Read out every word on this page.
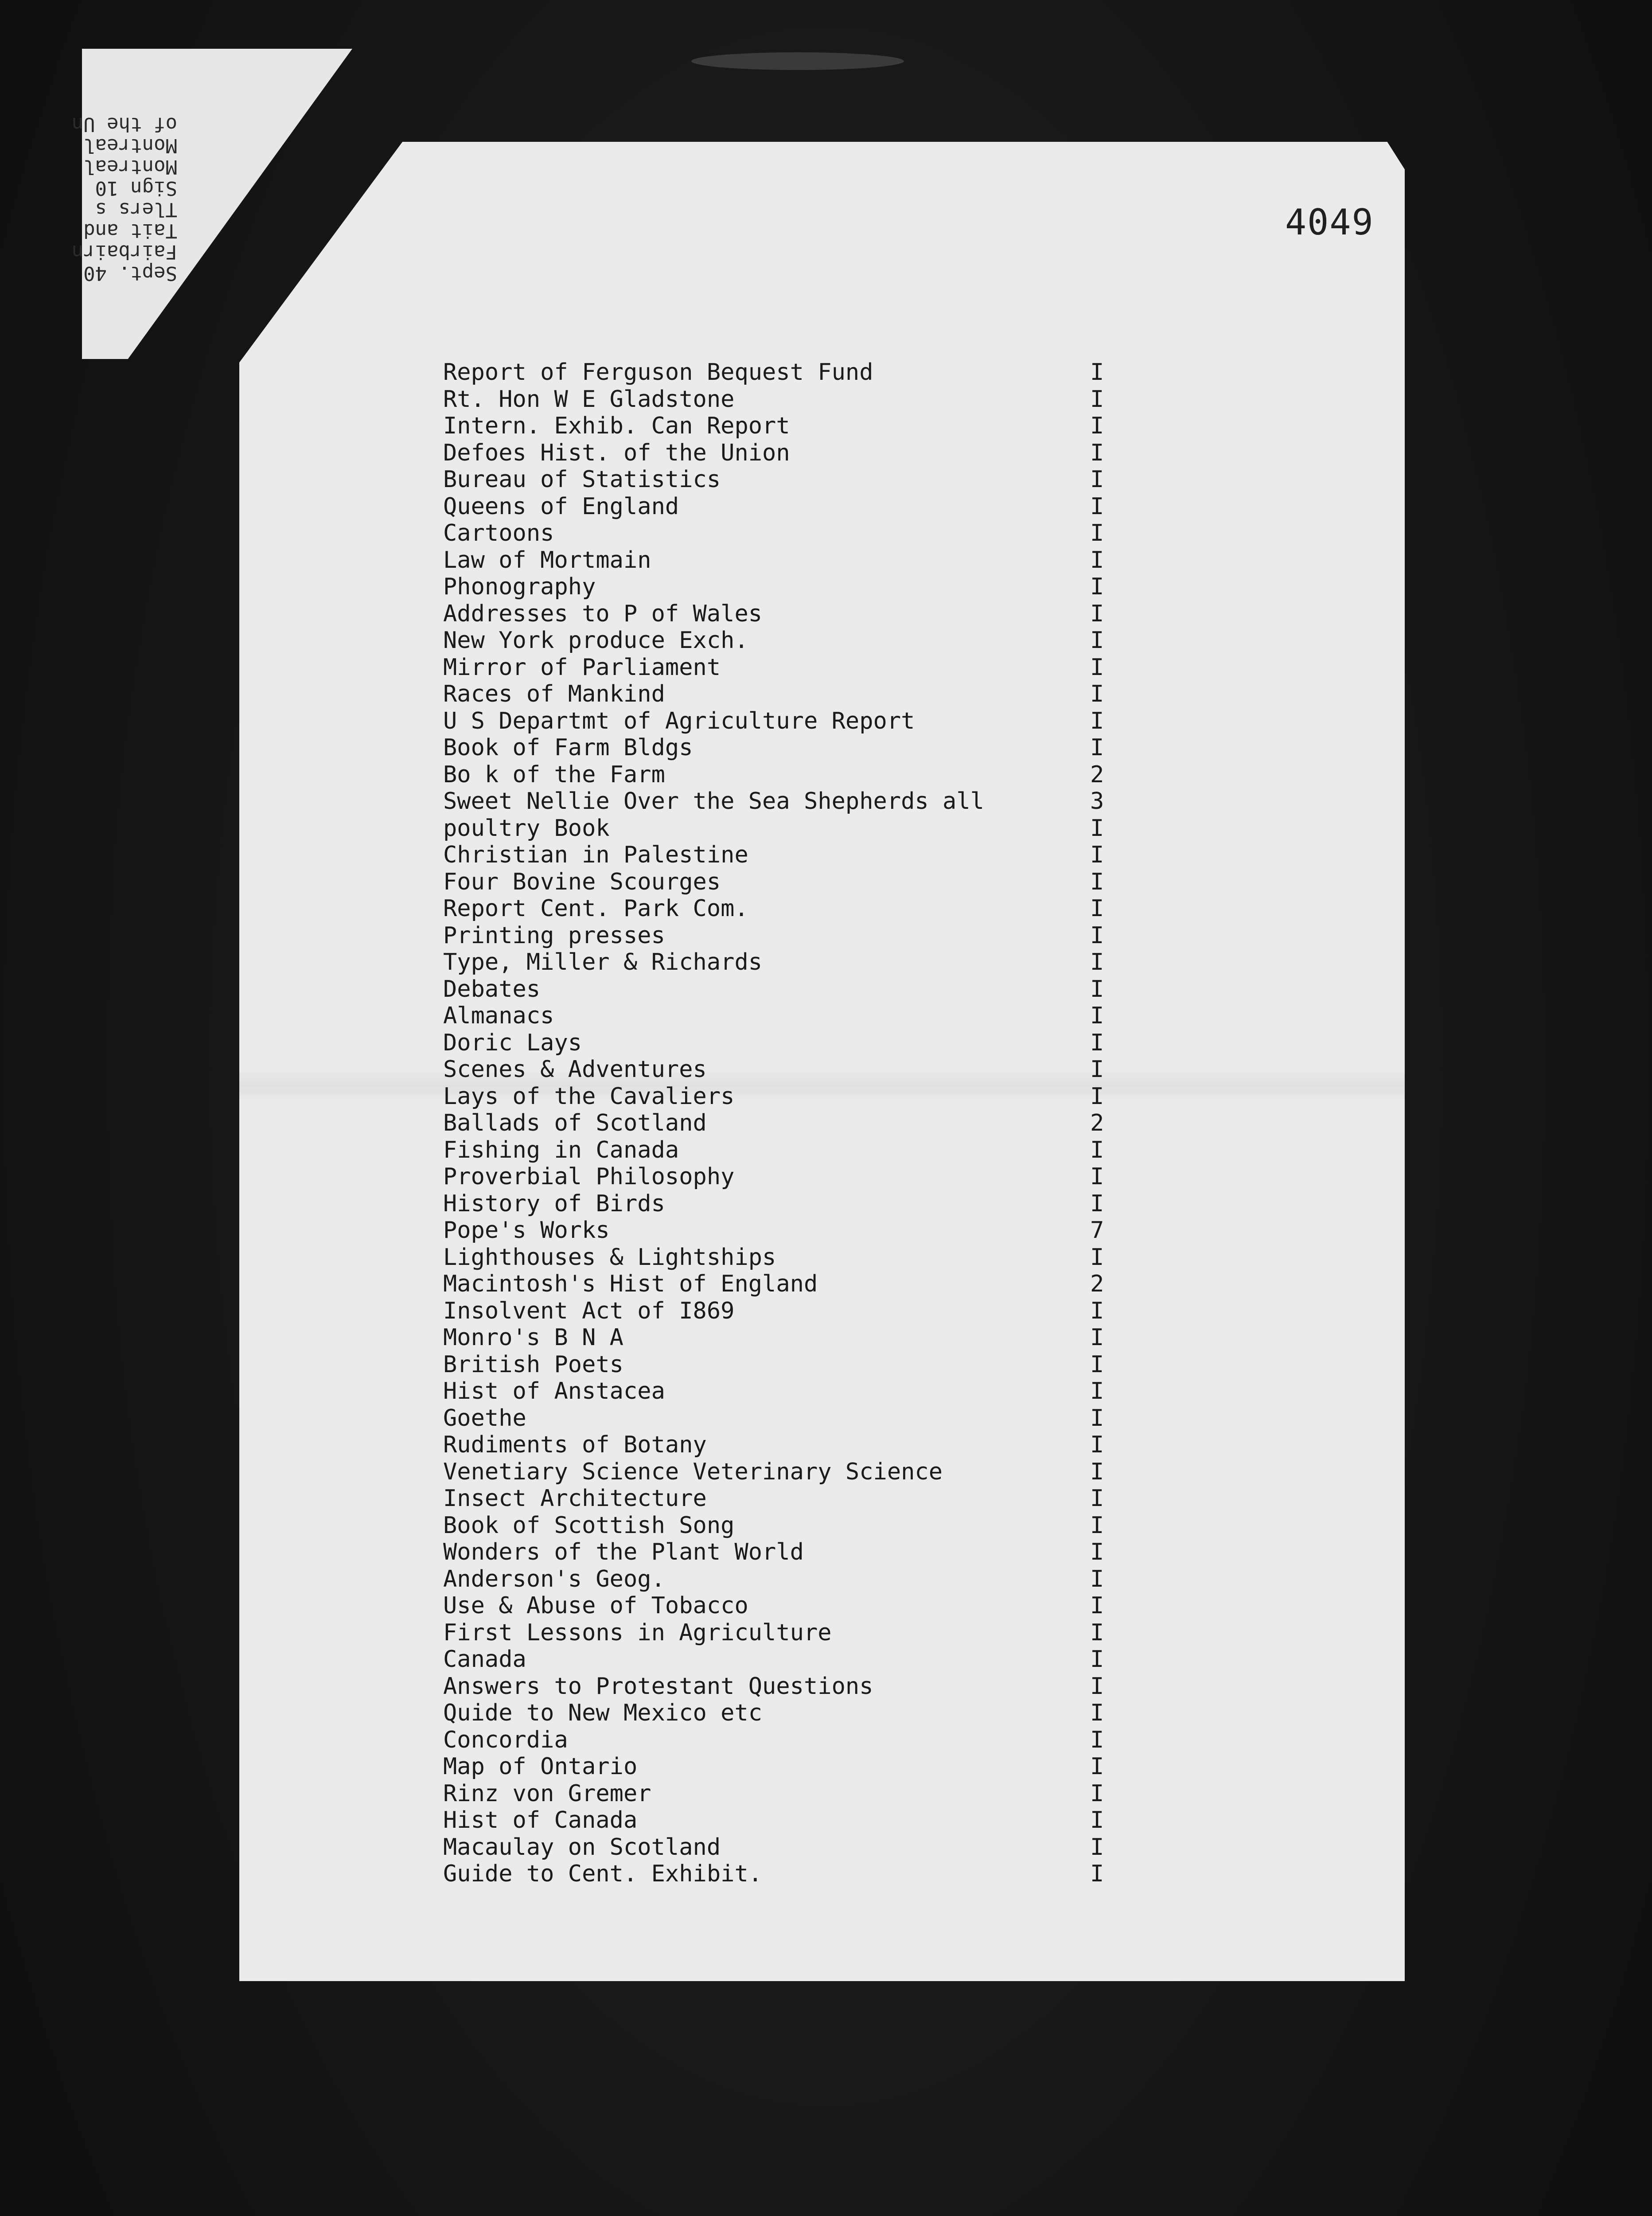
Sept. 40
Fairbairn
Tait and
Tlers s
Sign 10
Montreal
Montreal
of the Un
4049
Report of Ferguson Bequest Fund	I
Rt. Hon W E Gladstone	I
Intern. Exhib. Can Report	I
Defoes Hist. of the Union	I
Bureau of Statistics	I
Queens of England	I
Cartoons	I
Law of Mortmain	I
Phonography	I
Addresses to P of Wales	I
New York produce Exch.	I
Mirror of Parliament	I
Races of Mankind	I
U S Departmt of Agriculture Report	I
Book of Farm Bldgs	I
Bo k of the Farm	2
Sweet Nellie Over the Sea Shepherds all	3
poultry Book	I
Christian in Palestine	I
Four Bovine Scourges	I
Report Cent. Park Com.	I
Printing presses	I
Type, Miller & Richards	I
Debates	I
Almanacs	I
Doric Lays	I
Scenes & Adventures	I
Lays of the Cavaliers	I
Ballads of Scotland	2
Fishing in Canada	I
Proverbial Philosophy	I
History of Birds	I
Pope's Works	7
Lighthouses & Lightships	I
Macintosh's Hist of England	2
Insolvent Act of I869	I
Monro's B N A	I
British Poets	I
Hist of Anstacea	I
Goethe	I
Rudiments of Botany	I
Venetiary Science Veterinary Science	I
Insect Architecture	I
Book of Scottish Song	I
Wonders of the Plant World	I
Anderson's Geog.	I
Use & Abuse of Tobacco	I
First Lessons in Agriculture	I
Canada	I
Answers to Protestant Questions	I
Quide to New Mexico etc	I
Concordia	I
Map of Ontario	I
Rinz von Gremer	I
Hist of Canada	I
Macaulay on Scotland	I
Guide to Cent. Exhibit.	I
